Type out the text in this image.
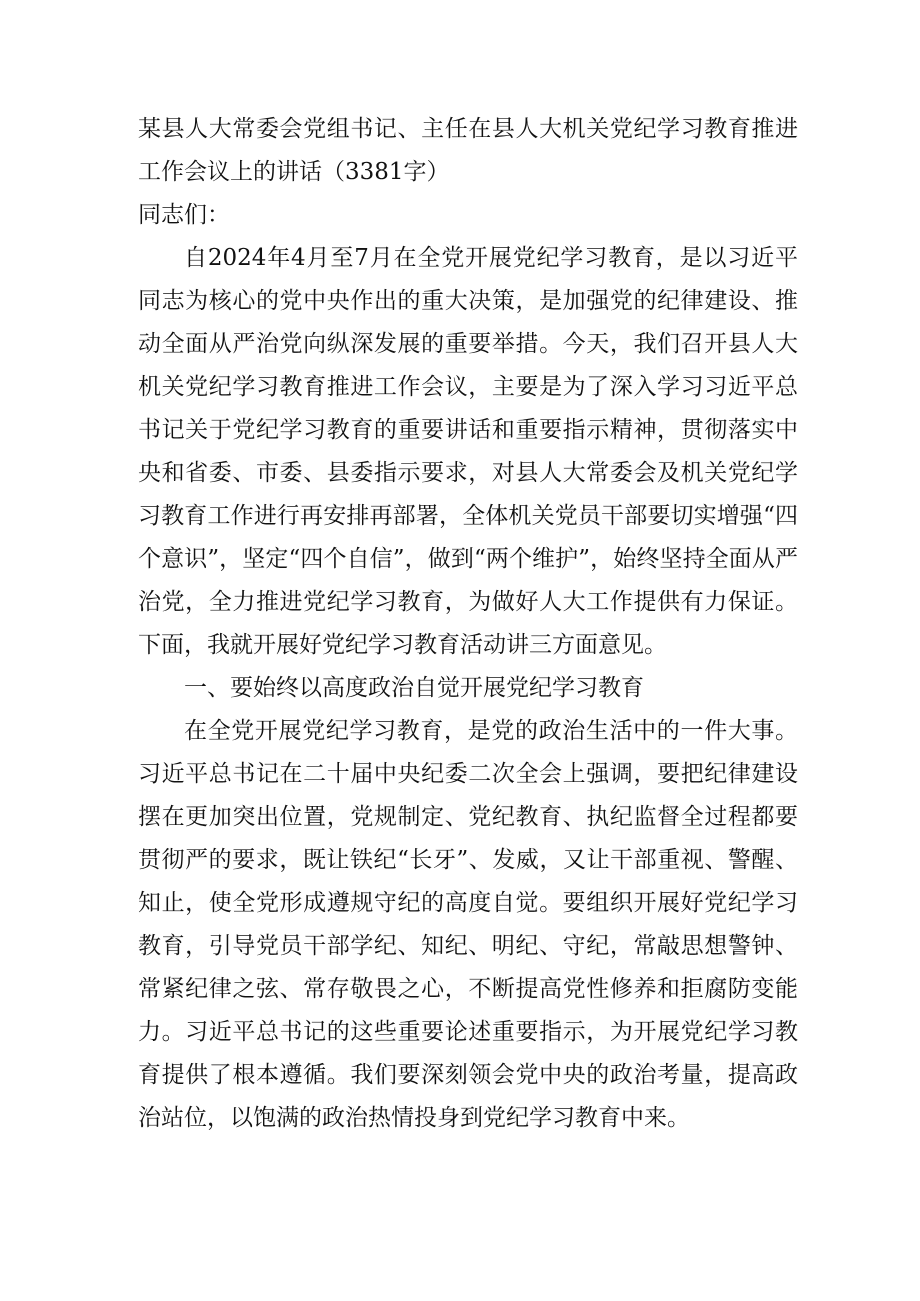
某县人大常委会党组书记、主任在县人大机关党纪学习教育推进工作会议上的讲话（3381字）

同志们：

自2024年4月至7月在全党开展党纪学习教育，是以习近平同志为核心的党中央作出的重大决策，是加强党的纪律建设、推动全面从严治党向纵深发展的重要举措。今天，我们召开县人大机关党纪学习教育推进工作会议，主要是为了深入学习习近平总书记关于党纪学习教育的重要讲话和重要指示精神，贯彻落实中央和省委、市委、县委指示要求，对县人大常委会及机关党纪学习教育工作进行再安排再部署，全体机关党员干部要切实增强“四个意识”，坚定“四个自信”，做到“两个维护”，始终坚持全面从严治党，全力推进党纪学习教育，为做好人大工作提供有力保证。下面，我就开展好党纪学习教育活动讲三方面意见。

一、要始终以高度政治自觉开展党纪学习教育

在全党开展党纪学习教育，是党的政治生活中的一件大事。习近平总书记在二十届中央纪委二次全会上强调，要把纪律建设摆在更加突出位置，党规制定、党纪教育、执纪监督全过程都要贯彻严的要求，既让铁纪“长牙”、发威，又让干部重视、警醒、知止，使全党形成遵规守纪的高度自觉。要组织开展好党纪学习教育，引导党员干部学纪、知纪、明纪、守纪，常敲思想警钟、常紧纪律之弦、常存敬畏之心，不断提高党性修养和拒腐防变能力。习近平总书记的这些重要论述重要指示，为开展党纪学习教育提供了根本遵循。我们要深刻领会党中央的政治考量，提高政治站位，以饱满的政治热情投身到党纪学习教育中来。
